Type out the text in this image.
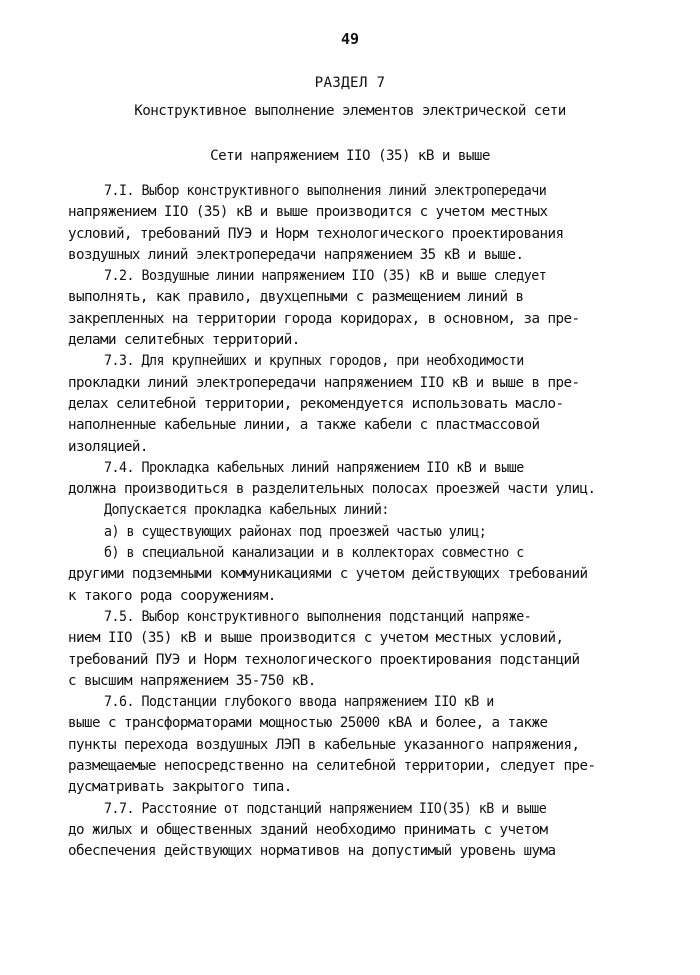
49
РАЗДЕЛ 7
Конструктивное выполнение элементов электрической сети
Сети напряжением IIО (35) кВ и выше
7.I. Выбор конструктивного выполнения линий электропередачи
напряжением IIО (35) кВ и выше производится с учетом местных
условий, требований ПУЭ и Норм технологического проектирования
воздушных линий электропередачи напряжением 35 кВ и выше.
7.2. Воздушные линии напряжением IIО (35) кВ и выше следует
выполнять, как правило, двухцепными с размещением линий в
закрепленных на территории города коридорах, в основном, за пре-
делами селитебных территорий.
7.3. Для крупнейших и крупных городов, при необходимости
прокладки линий электропередачи напряжением IIО кВ и выше в пре-
делах селитебной территории, рекомендуется использовать масло-
наполненные кабельные линии, а также кабели с пластмассовой
изоляцией.
7.4. Прокладка кабельных линий напряжением IIО кВ и выше
должна производиться в разделительных полосах проезжей части улиц.
Допускается прокладка кабельных линий:
а) в существующих районах под проезжей частью улиц;
б) в специальной канализации и в коллекторах совместно с
другими подземными коммуникациями с учетом действующих требований
к такого рода сооружениям.
7.5. Выбор конструктивного выполнения подстанций напряже-
нием IIО (35) кВ и выше производится с учетом местных условий,
требований ПУЭ и Норм технологического проектирования подстанций
с высшим напряжением 35-750 кВ.
7.6. Подстанции глубокого ввода напряжением IIО кВ и
выше с трансформаторами мощностью 25000 кВА и более, а также
пункты перехода воздушных ЛЭП в кабельные указанного напряжения,
размещаемые непосредственно на селитебной территории, следует пре-
дусматривать закрытого типа.
7.7. Расстояние от подстанций напряжением IIО(35) кВ и выше
до жилых и общественных зданий необходимо принимать с учетом
обеспечения действующих нормативов на допустимый уровень шума
